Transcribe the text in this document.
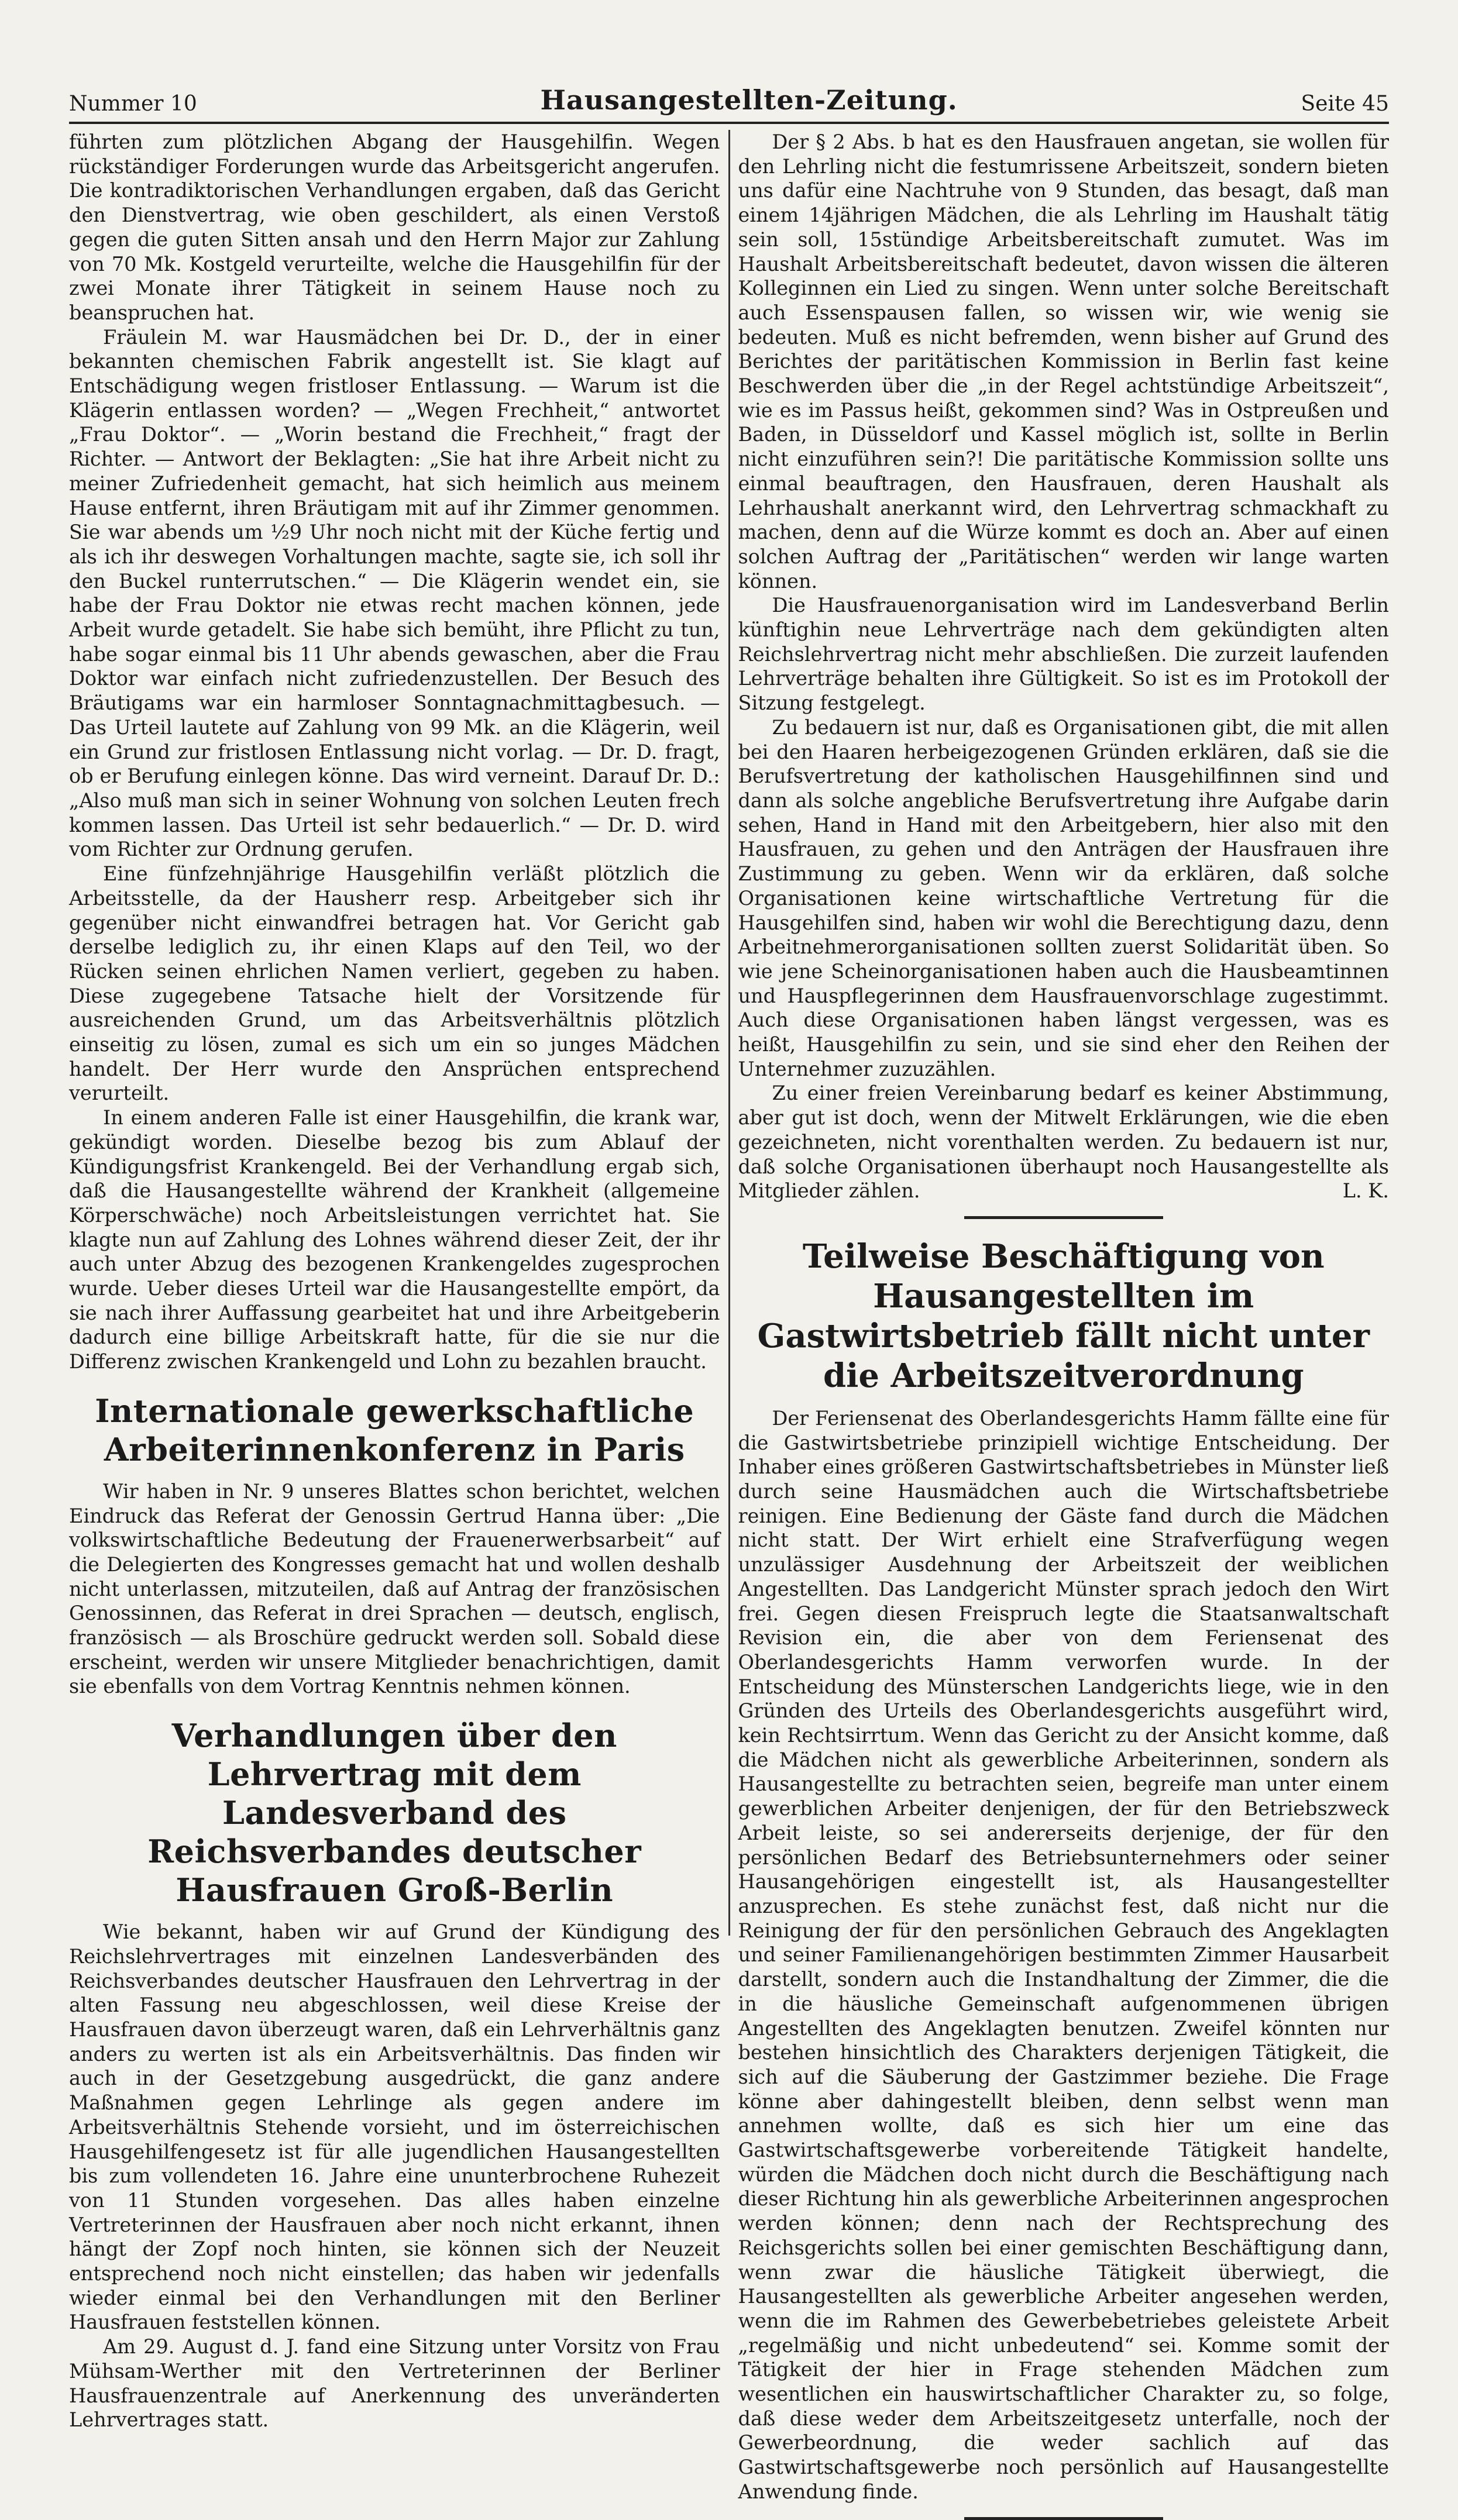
Nummer 10	Hausangestellten-Zeitung.	Seite 45

führten zum plötzlichen Abgang der Hausgehilfin. Wegen rückständiger Forderungen wurde das Arbeitsgericht angerufen. Die kontradiktorischen Verhandlungen ergaben, daß das Gericht den Dienstvertrag, wie oben geschildert, als einen Verstoß gegen die guten Sitten ansah und den Herrn Major zur Zahlung von 70 Mk. Kostgeld verurteilte, welche die Hausgehilfin für der zwei Monate ihrer Tätigkeit in seinem Hause noch zu beanspruchen hat.

Fräulein M. war Hausmädchen bei Dr. D., der in einer bekannten chemischen Fabrik angestellt ist. Sie klagt auf Entschädigung wegen fristloser Entlassung. — Warum ist die Klägerin entlassen worden? — „Wegen Frechheit,“ antwortet „Frau Doktor“. — „Worin bestand die Frechheit,“ fragt der Richter. — Antwort der Beklagten: „Sie hat ihre Arbeit nicht zu meiner Zufriedenheit gemacht, hat sich heimlich aus meinem Hause entfernt, ihren Bräutigam mit auf ihr Zimmer genommen. Sie war abends um ½9 Uhr noch nicht mit der Küche fertig und als ich ihr deswegen Vorhaltungen machte, sagte sie, ich soll ihr den Buckel runterrutschen.“ — Die Klägerin wendet ein, sie habe der Frau Doktor nie etwas recht machen können, jede Arbeit wurde getadelt. Sie habe sich bemüht, ihre Pflicht zu tun, habe sogar einmal bis 11 Uhr abends gewaschen, aber die Frau Doktor war einfach nicht zufriedenzustellen. Der Besuch des Bräutigams war ein harmloser Sonntagnachmittagbesuch. — Das Urteil lautete auf Zahlung von 99 Mk. an die Klägerin, weil ein Grund zur fristlosen Entlassung nicht vorlag. — Dr. D. fragt, ob er Berufung einlegen könne. Das wird verneint. Darauf Dr. D.: „Also muß man sich in seiner Wohnung von solchen Leuten frech kommen lassen. Das Urteil ist sehr bedauerlich.“ — Dr. D. wird vom Richter zur Ordnung gerufen.

Eine fünfzehnjährige Hausgehilfin verläßt plötzlich die Arbeitsstelle, da der Hausherr resp. Arbeitgeber sich ihr gegenüber nicht einwandfrei betragen hat. Vor Gericht gab derselbe lediglich zu, ihr einen Klaps auf den Teil, wo der Rücken seinen ehrlichen Namen verliert, gegeben zu haben. Diese zugegebene Tatsache hielt der Vorsitzende für ausreichenden Grund, um das Arbeitsverhältnis plötzlich einseitig zu lösen, zumal es sich um ein so junges Mädchen handelt. Der Herr wurde den Ansprüchen entsprechend verurteilt.

In einem anderen Falle ist einer Hausgehilfin, die krank war, gekündigt worden. Dieselbe bezog bis zum Ablauf der Kündigungsfrist Krankengeld. Bei der Verhandlung ergab sich, daß die Hausangestellte während der Krankheit (allgemeine Körperschwäche) noch Arbeitsleistungen verrichtet hat. Sie klagte nun auf Zahlung des Lohnes während dieser Zeit, der ihr auch unter Abzug des bezogenen Krankengeldes zugesprochen wurde. Ueber dieses Urteil war die Hausangestellte empört, da sie nach ihrer Auffassung gearbeitet hat und ihre Arbeitgeberin dadurch eine billige Arbeitskraft hatte, für die sie nur die Differenz zwischen Krankengeld und Lohn zu bezahlen braucht.

Internationale gewerkschaftliche Arbeiterinnenkonferenz in Paris

Wir haben in Nr. 9 unseres Blattes schon berichtet, welchen Eindruck das Referat der Genossin Gertrud Hanna über: „Die volkswirtschaftliche Bedeutung der Frauenerwerbsarbeit“ auf die Delegierten des Kongresses gemacht hat und wollen deshalb nicht unterlassen, mitzuteilen, daß auf Antrag der französischen Genossinnen, das Referat in drei Sprachen — deutsch, englisch, französisch — als Broschüre gedruckt werden soll. Sobald diese erscheint, werden wir unsere Mitglieder benachrichtigen, damit sie ebenfalls von dem Vortrag Kenntnis nehmen können.

Verhandlungen über den Lehrvertrag mit dem Landesverband des Reichsverbandes deutscher Hausfrauen Groß-Berlin

Wie bekannt, haben wir auf Grund der Kündigung des Reichslehrvertrages mit einzelnen Landesverbänden des Reichsverbandes deutscher Hausfrauen den Lehrvertrag in der alten Fassung neu abgeschlossen, weil diese Kreise der Hausfrauen davon überzeugt waren, daß ein Lehrverhältnis ganz anders zu werten ist als ein Arbeitsverhältnis. Das finden wir auch in der Gesetzgebung ausgedrückt, die ganz andere Maßnahmen gegen Lehrlinge als gegen andere im Arbeitsverhältnis Stehende vorsieht, und im österreichischen Hausgehilfengesetz ist für alle jugendlichen Hausangestellten bis zum vollendeten 16. Jahre eine ununterbrochene Ruhezeit von 11 Stunden vorgesehen. Das alles haben einzelne Vertreterinnen der Hausfrauen aber noch nicht erkannt, ihnen hängt der Zopf noch hinten, sie können sich der Neuzeit entsprechend noch nicht einstellen; das haben wir jedenfalls wieder einmal bei den Verhandlungen mit den Berliner Hausfrauen feststellen können.

Am 29. August d. J. fand eine Sitzung unter Vorsitz von Frau Mühsam-Werther mit den Vertreterinnen der Berliner Hausfrauenzentrale auf Anerkennung des unveränderten Lehrvertrages statt.

Der § 2 Abs. b hat es den Hausfrauen angetan, sie wollen für den Lehrling nicht die festumrissene Arbeitszeit, sondern bieten uns dafür eine Nachtruhe von 9 Stunden, das besagt, daß man einem 14jährigen Mädchen, die als Lehrling im Haushalt tätig sein soll, 15stündige Arbeitsbereitschaft zumutet. Was im Haushalt Arbeitsbereitschaft bedeutet, davon wissen die älteren Kolleginnen ein Lied zu singen. Wenn unter solche Bereitschaft auch Essenspausen fallen, so wissen wir, wie wenig sie bedeuten. Muß es nicht befremden, wenn bisher auf Grund des Berichtes der paritätischen Kommission in Berlin fast keine Beschwerden über die „in der Regel achtstündige Arbeitszeit“, wie es im Passus heißt, gekommen sind? Was in Ostpreußen und Baden, in Düsseldorf und Kassel möglich ist, sollte in Berlin nicht einzuführen sein?! Die paritätische Kommission sollte uns einmal beauftragen, den Hausfrauen, deren Haushalt als Lehrhaushalt anerkannt wird, den Lehrvertrag schmackhaft zu machen, denn auf die Würze kommt es doch an. Aber auf einen solchen Auftrag der „Paritätischen“ werden wir lange warten können.

Die Hausfrauenorganisation wird im Landesverband Berlin künftighin neue Lehrverträge nach dem gekündigten alten Reichslehrvertrag nicht mehr abschließen. Die zurzeit laufenden Lehrverträge behalten ihre Gültigkeit. So ist es im Protokoll der Sitzung festgelegt.

Zu bedauern ist nur, daß es Organisationen gibt, die mit allen bei den Haaren herbeigezogenen Gründen erklären, daß sie die Berufsvertretung der katholischen Hausgehilfinnen sind und dann als solche angebliche Berufsvertretung ihre Aufgabe darin sehen, Hand in Hand mit den Arbeitgebern, hier also mit den Hausfrauen, zu gehen und den Anträgen der Hausfrauen ihre Zustimmung zu geben. Wenn wir da erklären, daß solche Organisationen keine wirtschaftliche Vertretung für die Hausgehilfen sind, haben wir wohl die Berechtigung dazu, denn Arbeitnehmerorganisationen sollten zuerst Solidarität üben. So wie jene Scheinorganisationen haben auch die Hausbeamtinnen und Hauspflegerinnen dem Hausfrauenvorschlage zugestimmt. Auch diese Organisationen haben längst vergessen, was es heißt, Hausgehilfin zu sein, und sie sind eher den Reihen der Unternehmer zuzuzählen.

Zu einer freien Vereinbarung bedarf es keiner Abstimmung, aber gut ist doch, wenn der Mitwelt Erklärungen, wie die eben gezeichneten, nicht vorenthalten werden. Zu bedauern ist nur, daß solche Organisationen überhaupt noch Hausangestellte als Mitglieder zählen.	L. K.

Teilweise Beschäftigung von Hausangestellten im Gastwirtsbetrieb fällt nicht unter die Arbeitszeitverordnung

Der Feriensenat des Oberlandesgerichts Hamm fällte eine für die Gastwirtsbetriebe prinzipiell wichtige Entscheidung. Der Inhaber eines größeren Gastwirtschaftsbetriebes in Münster ließ durch seine Hausmädchen auch die Wirtschaftsbetriebe reinigen. Eine Bedienung der Gäste fand durch die Mädchen nicht statt. Der Wirt erhielt eine Strafverfügung wegen unzulässiger Ausdehnung der Arbeitszeit der weiblichen Angestellten. Das Landgericht Münster sprach jedoch den Wirt frei. Gegen diesen Freispruch legte die Staatsanwaltschaft Revision ein, die aber von dem Feriensenat des Oberlandesgerichts Hamm verworfen wurde. In der Entscheidung des Münsterschen Landgerichts liege, wie in den Gründen des Urteils des Oberlandesgerichts ausgeführt wird, kein Rechtsirrtum. Wenn das Gericht zu der Ansicht komme, daß die Mädchen nicht als gewerbliche Arbeiterinnen, sondern als Hausangestellte zu betrachten seien, begreife man unter einem gewerblichen Arbeiter denjenigen, der für den Betriebszweck Arbeit leiste, so sei andererseits derjenige, der für den persönlichen Bedarf des Betriebsunternehmers oder seiner Hausangehörigen eingestellt ist, als Hausangestellter anzusprechen. Es stehe zunächst fest, daß nicht nur die Reinigung der für den persönlichen Gebrauch des Angeklagten und seiner Familienangehörigen bestimmten Zimmer Hausarbeit darstellt, sondern auch die Instandhaltung der Zimmer, die die in die häusliche Gemeinschaft aufgenommenen übrigen Angestellten des Angeklagten benutzen. Zweifel könnten nur bestehen hinsichtlich des Charakters derjenigen Tätigkeit, die sich auf die Säuberung der Gastzimmer beziehe. Die Frage könne aber dahingestellt bleiben, denn selbst wenn man annehmen wollte, daß es sich hier um eine das Gastwirtschaftsgewerbe vorbereitende Tätigkeit handelte, würden die Mädchen doch nicht durch die Beschäftigung nach dieser Richtung hin als gewerbliche Arbeiterinnen angesprochen werden können; denn nach der Rechtsprechung des Reichsgerichts sollen bei einer gemischten Beschäftigung dann, wenn zwar die häusliche Tätigkeit überwiegt, die Hausangestellten als gewerbliche Arbeiter angesehen werden, wenn die im Rahmen des Gewerbebetriebes geleistete Arbeit „regelmäßig und nicht unbedeutend“ sei. Komme somit der Tätigkeit der hier in Frage stehenden Mädchen zum wesentlichen ein hauswirtschaftlicher Charakter zu, so folge, daß diese weder dem Arbeitszeitgesetz unterfalle, noch der Gewerbeordnung, die weder sachlich auf das Gastwirtschaftsgewerbe noch persönlich auf Hausangestellte Anwendung finde.
